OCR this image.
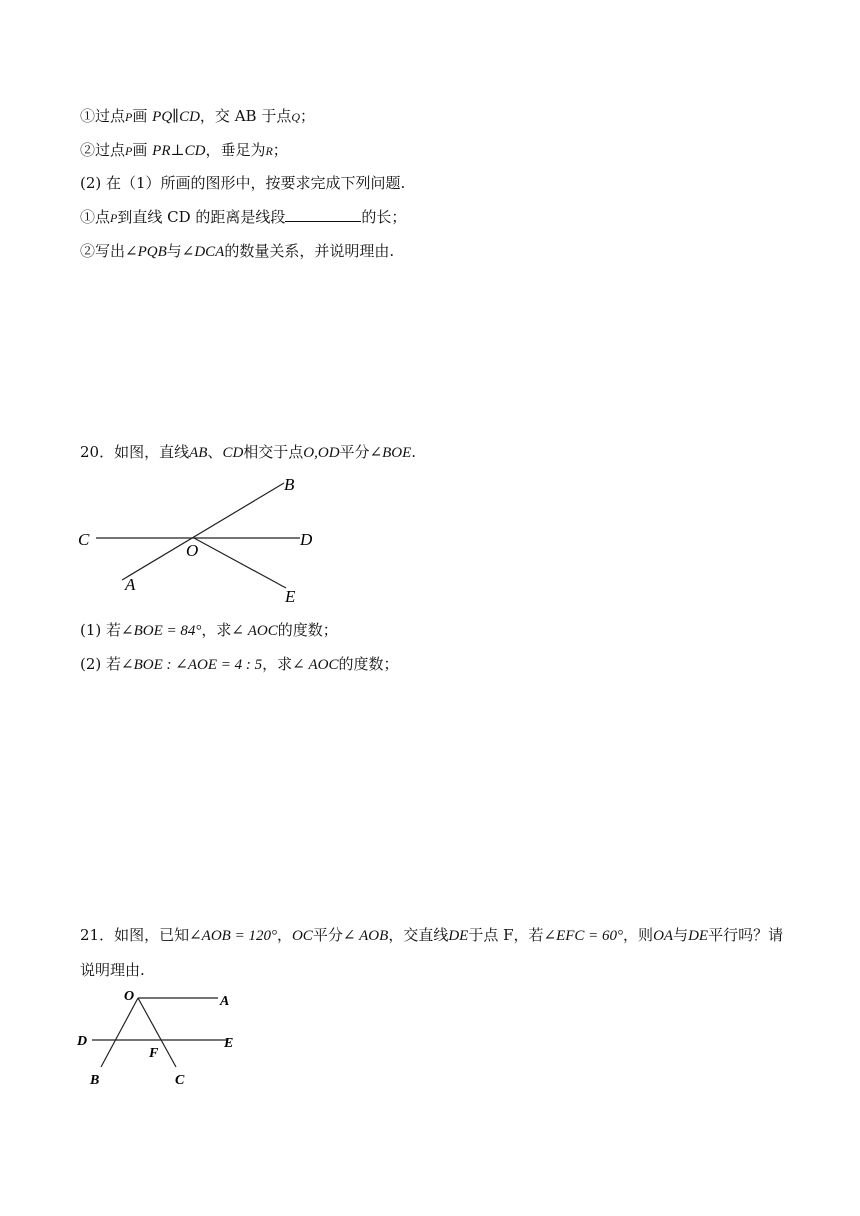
①过点P画 PQ∥CD，交 AB 于点Q；
②过点P画 PR⊥CD，垂足为R；
(2) 在（1）所画的图形中，按要求完成下列问题.
①点P到直线 CD 的距离是线段	的长；
②写出∠PQB与∠DCA的数量关系，并说明理由.
20．如图，直线AB、CD相交于点O,OD平分∠BOE.
B
C	D
O
A
E
(1) 若∠BOE = 84°，求∠ AOC的度数；
(2) 若∠BOE : ∠AOE = 4 : 5，求∠ AOC的度数；
21．如图，已知∠AOB = 120°，OC平分∠ AOB，交直线DE于点 F，若∠EFC = 60°，则OA与DE平行吗？请说明理由.
O	A
D	E
F
B	C
